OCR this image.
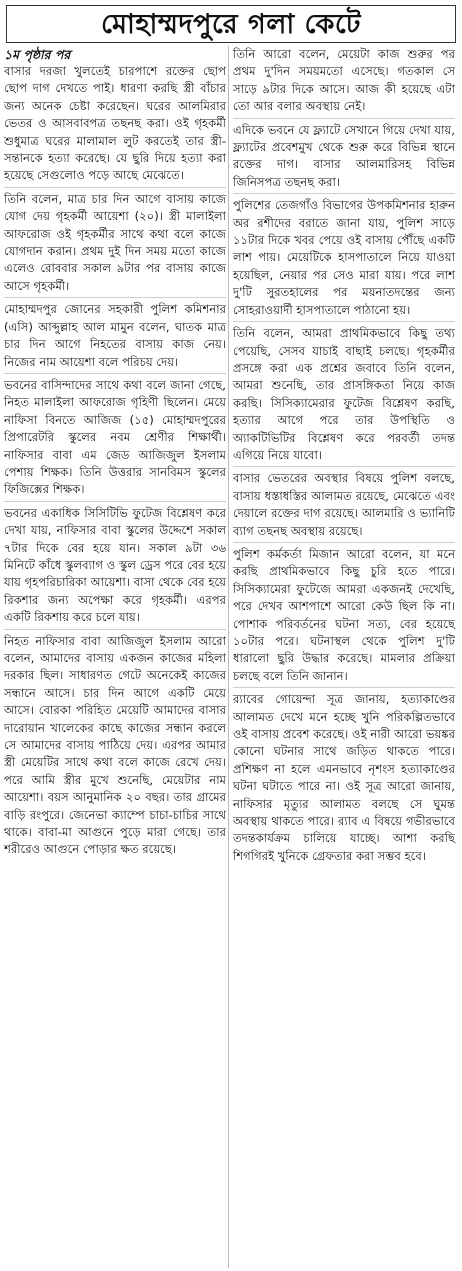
মোহাম্মদপুরে গলা কেটে
১ম পৃষ্ঠার পর
বাসার দরজা খুলতেই চারপাশে রক্তের ছোপ ছোপ দাগ দেখতে পাই। ধারণা করছি স্ত্রী বাঁচার জন্য অনেক চেষ্টা করেছেন। ঘরের আলমিরার ভেতর ও আসবাবপত্র তছনছ করা। ওই গৃহকর্মী শুধুমাত্র ঘরের মালামাল লুট করতেই তার স্ত্রী-সন্তানকে হত্যা করেছে। যে ছুরি দিয়ে হত্যা করা হয়েছে সেগুলোও পড়ে আছে মেঝেতে।
তিনি বলেন, মাত্র চার দিন আগে বাসায় কাজে যোগ দেয় গৃহকর্মী আয়েশা (২০)। স্ত্রী মালাইলা আফরোজ ওই গৃহকর্মীর সাথে কথা বলে কাজে যোগদান করান। প্রথম দুই দিন সময় মতো কাজে এলেও রোববার সকাল ৯টার পর বাসায় কাজে আসে গৃহকর্মী।
মোহাম্মদপুর জোনের সহকারী পুলিশ কমিশনার (এসি) আব্দুল্লাহ আল মামুন বলেন, ঘাতক মাত্র চার দিন আগে নিহতের বাসায় কাজ নেয়। নিজের নাম আয়েশা বলে পরিচয় দেয়।
ভবনের বাসিন্দাদের সাথে কথা বলে জানা গেছে, নিহত মালাইলা আফরোজ গৃহিণী ছিলেন। মেয়ে নাফিসা বিনতে আজিজ (১৫) মোহাম্মদপুরের প্রিপারেটরি স্কুলের নবম শ্রেণীর শিক্ষার্থী। নাফিসার বাবা এম জেড আজিজুল ইসলাম পেশায় শিক্ষক। তিনি উত্তরার সানবিমস স্কুলের ফিজিক্সের শিক্ষক।
ভবনের একাধিক সিসিটিভি ফুটেজ বিশ্লেষণ করে দেখা যায়, নাফিসার বাবা স্কুলের উদ্দেশে সকাল ৭টার দিকে বের হয়ে যান। সকাল ৯টা ৩৬ মিনিটে কাঁধে স্কুলব্যাগ ও স্কুল ড্রেস পরে বের হয়ে যায় গৃহপরিচারিকা আয়েশা। বাসা থেকে বের হয়ে রিকশার জন্য অপেক্ষা করে গৃহকর্মী। এরপর একটি রিকশায় করে চলে যায়।
নিহত নাফিসার বাবা আজিজুল ইসলাম আরো বলেন, আমাদের বাসায় একজন কাজের মহিলা দরকার ছিল। সাধারণত গেটে অনেকেই কাজের সন্ধানে আসে। চার দিন আগে একটি মেয়ে আসে। বোরকা পরিহিত মেয়েটি আমাদের বাসার দারোয়ান খালেকের কাছে কাজের সন্ধান করলে সে আমাদের বাসায় পাঠিয়ে দেয়। এরপর আমার স্ত্রী মেয়েটির সাথে কথা বলে কাজে রেখে দেয়। পরে আমি স্ত্রীর মুখে শুনেছি, মেয়েটার নাম আয়েশা। বয়স আনুমানিক ২০ বছর। তার গ্রামের বাড়ি রংপুরে। জেনেভা ক্যাম্পে চাচা-চাচির সাথে থাকে। বাবা-মা আগুনে পুড়ে মারা গেছে। তার শরীরেও আগুনে পোড়ার ক্ষত রয়েছে।
তিনি আরো বলেন, মেয়েটা কাজ শুরুর পর প্রথম দু'দিন সময়মতো এসেছে। গতকাল সে সাড়ে ৯টার দিকে আসে। আজ কী হয়েছে এটা তো আর বলার অবস্থায় নেই।
এদিকে ভবনে যে ফ্ল্যাটে সেখানে গিয়ে দেখা যায়, ফ্ল্যাটের প্রবেশমুখ থেকে শুরু করে বিভিন্ন স্থানে রক্তের দাগ। বাসার আলমারিসহ বিভিন্ন জিনিসপত্র তছনছ করা।
পুলিশের তেজগাঁও বিভাগের উপকমিশনার হারুন অর রশীদের বরাতে জানা যায়, পুলিশ সাড়ে ১১টার দিকে খবর পেয়ে ওই বাসায় পৌঁছে একটি লাশ পায়। মেয়েটিকে হাসপাতালে নিয়ে যাওয়া হয়েছিল, নেয়ার পর সেও মারা যায়। পরে লাশ দু'টি সুরতহালের পর ময়নাতদন্তের জন্য সোহরাওয়ার্দী হাসপাতালে পাঠানো হয়।
তিনি বলেন, আমরা প্রাথমিকভাবে কিছু তথ্য পেয়েছি, সেসব যাচাই বাছাই চলছে। গৃহকর্মীর প্রসঙ্গে করা এক প্রশ্নের জবাবে তিনি বলেন, আমরা শুনেছি, তার প্রাসঙ্গিকতা নিয়ে কাজ করছি। সিসিক্যামেরার ফুটেজ বিশ্লেষণ করছি, হত্যার আগে পরে তার উপস্থিতি ও অ্যাকটিভিটির বিশ্লেষণ করে পরবর্তী তদন্ত এগিয়ে নিয়ে যাবো।
বাসার ভেতরের অবস্থার বিষয়ে পুলিশ বলছে, বাসায় ধস্তাধস্তির আলামত রয়েছে, মেঝেতে এবং দেয়ালে রক্তের দাগ রয়েছে। আলমারি ও ভ্যানিটি ব্যাগ তছনছ অবস্থায় রয়েছে।
পুলিশ কর্মকর্তা মিজান আরো বলেন, যা মনে করছি প্রাথমিকভাবে কিছু চুরি হতে পারে। সিসিক্যামেরা ফুটেজে আমরা একজনই দেখেছি, পরে দেখব আশপাশে আরো কেউ ছিল কি না। পোশাক পরিবর্তনের ঘটনা সত্য, বের হয়েছে ১০টার পরে। ঘটনাস্থল থেকে পুলিশ দু'টি ধারালো ছুরি উদ্ধার করেছে। মামলার প্রক্রিয়া চলছে বলে তিনি জানান।
র‍্যাবের গোয়েন্দা সূত্র জানায়, হত্যাকাণ্ডের আলামত দেখে মনে হচ্ছে খুনি পরিকল্পিতভাবে ওই বাসায় প্রবেশ করেছে। ওই নারী আরো ভয়ঙ্কর কোনো ঘটনার সাথে জড়িত থাকতে পারে। প্রশিক্ষণ না হলে এমনভাবে নৃশংস হত্যাকাণ্ডের ঘটনা ঘটাতে পারে না। ওই সূত্র আরো জানায়, নাফিসার মৃত্যুর আলামত বলছে সে ঘুমন্ত অবস্থায় থাকতে পারে। র‍্যাব এ বিষয়ে গভীরভাবে তদন্তকার্যক্রম চালিয়ে যাচ্ছে। আশা করছি শিগগিরই খুনিকে গ্রেফতার করা সম্ভব হবে।
